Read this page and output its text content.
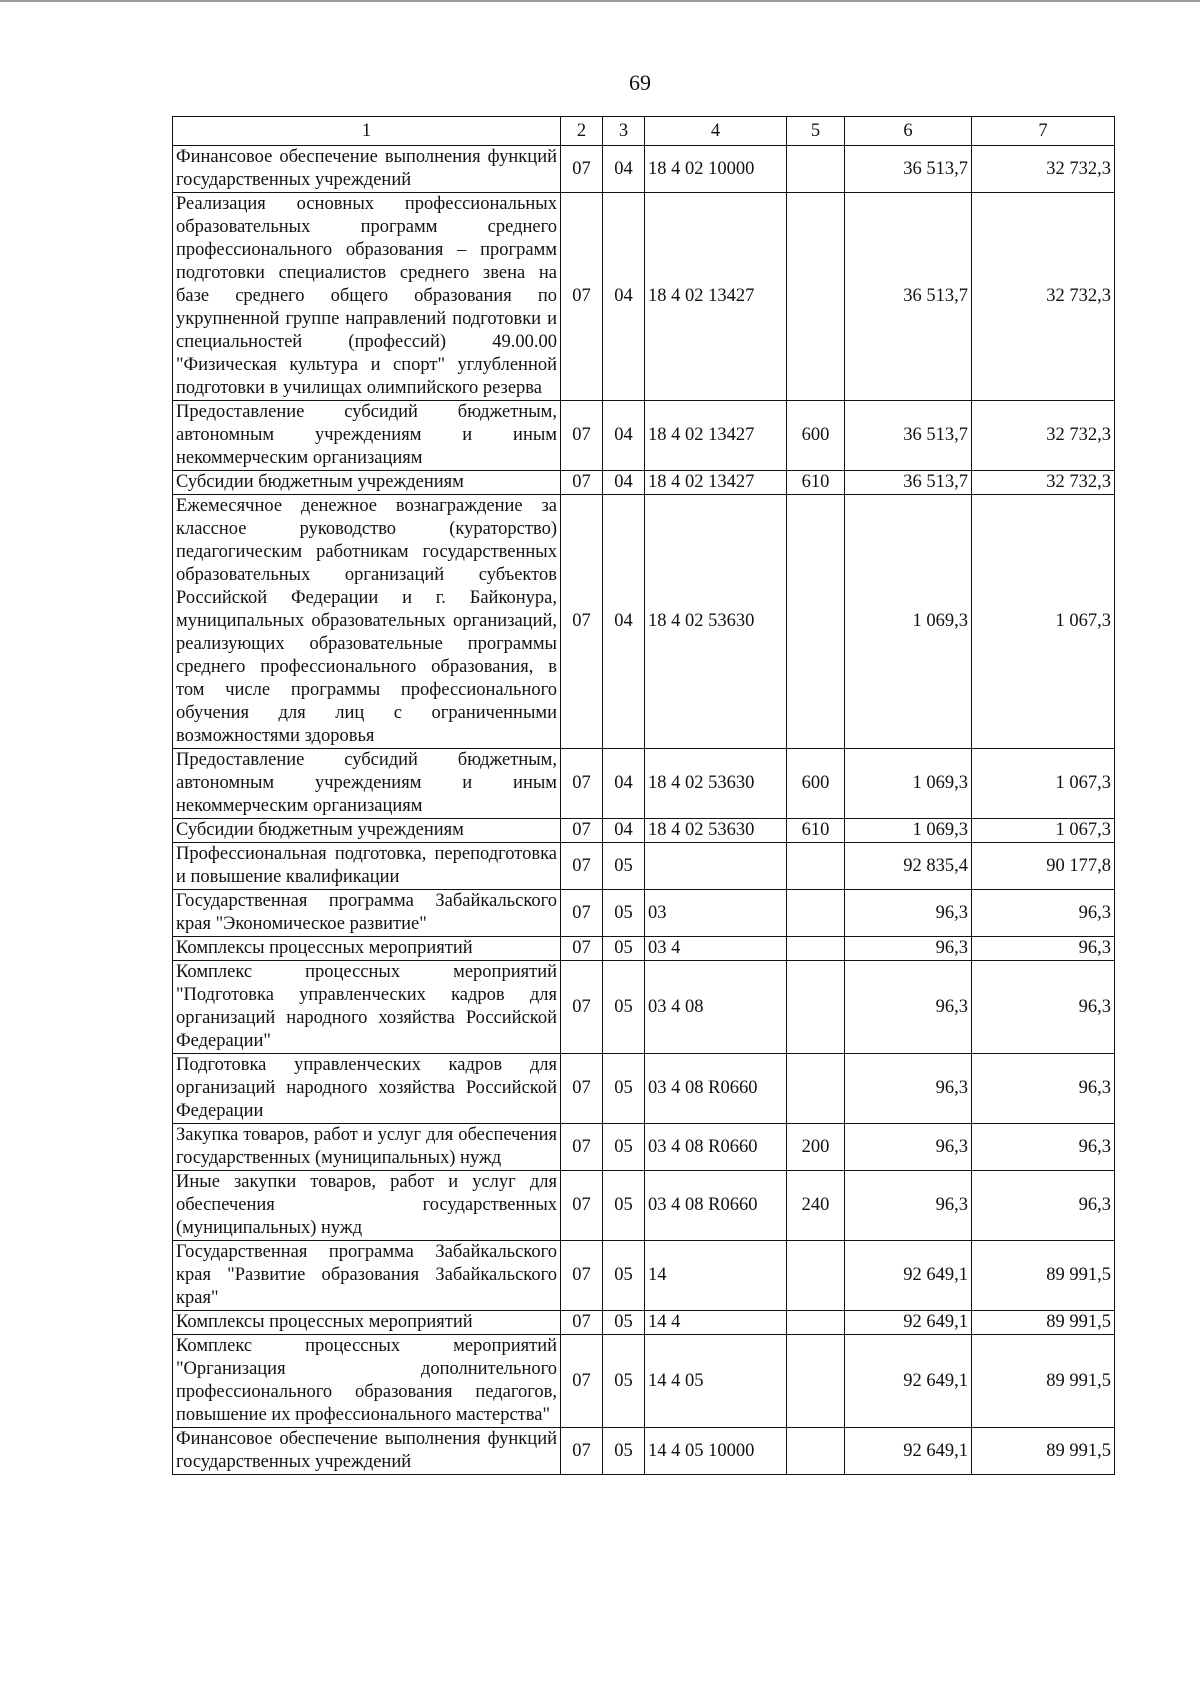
69
1	2	3	4	5	6	7
Финансовое обеспечение выполнения функций государственных учреждений	07	04	18 4 02 10000		36 513,7	32 732,3
Реализация основных профессиональных образовательных программ среднего профессионального образования – программ подготовки специалистов среднего звена на базе среднего общего образования по укрупненной группе направлений подготовки и специальностей (профессий) 49.00.00 "Физическая культура и спорт" углубленной подготовки в училищах олимпийского резерва	07	04	18 4 02 13427		36 513,7	32 732,3
Предоставление субсидий бюджетным, автономным учреждениям и иным некоммерческим организациям	07	04	18 4 02 13427	600	36 513,7	32 732,3
Субсидии бюджетным учреждениям	07	04	18 4 02 13427	610	36 513,7	32 732,3
Ежемесячное денежное вознаграждение за классное руководство (кураторство) педагогическим работникам государственных образовательных организаций субъектов Российской Федерации и г. Байконура, муниципальных образовательных организаций, реализующих образовательные программы среднего профессионального образования, в том числе программы профессионального обучения для лиц с ограниченными возможностями здоровья	07	04	18 4 02 53630		1 069,3	1 067,3
Предоставление субсидий бюджетным, автономным учреждениям и иным некоммерческим организациям	07	04	18 4 02 53630	600	1 069,3	1 067,3
Субсидии бюджетным учреждениям	07	04	18 4 02 53630	610	1 069,3	1 067,3
Профессиональная подготовка, переподготовка и повышение квалификации	07	05			92 835,4	90 177,8
Государственная программа Забайкальского края "Экономическое развитие"	07	05	03		96,3	96,3
Комплексы процессных мероприятий	07	05	03 4		96,3	96,3
Комплекс процессных мероприятий "Подготовка управленческих кадров для организаций народного хозяйства Российской Федерации"	07	05	03 4 08		96,3	96,3
Подготовка управленческих кадров для организаций народного хозяйства Российской Федерации	07	05	03 4 08 R0660		96,3	96,3
Закупка товаров, работ и услуг для обеспечения государственных (муниципальных) нужд	07	05	03 4 08 R0660	200	96,3	96,3
Иные закупки товаров, работ и услуг для обеспечения государственных (муниципальных) нужд	07	05	03 4 08 R0660	240	96,3	96,3
Государственная программа Забайкальского края "Развитие образования Забайкальского края"	07	05	14		92 649,1	89 991,5
Комплексы процессных мероприятий	07	05	14 4		92 649,1	89 991,5
Комплекс процессных мероприятий "Организация дополнительного профессионального образования педагогов, повышение их профессионального мастерства"	07	05	14 4 05		92 649,1	89 991,5
Финансовое обеспечение выполнения функций государственных учреждений	07	05	14 4 05 10000		92 649,1	89 991,5
